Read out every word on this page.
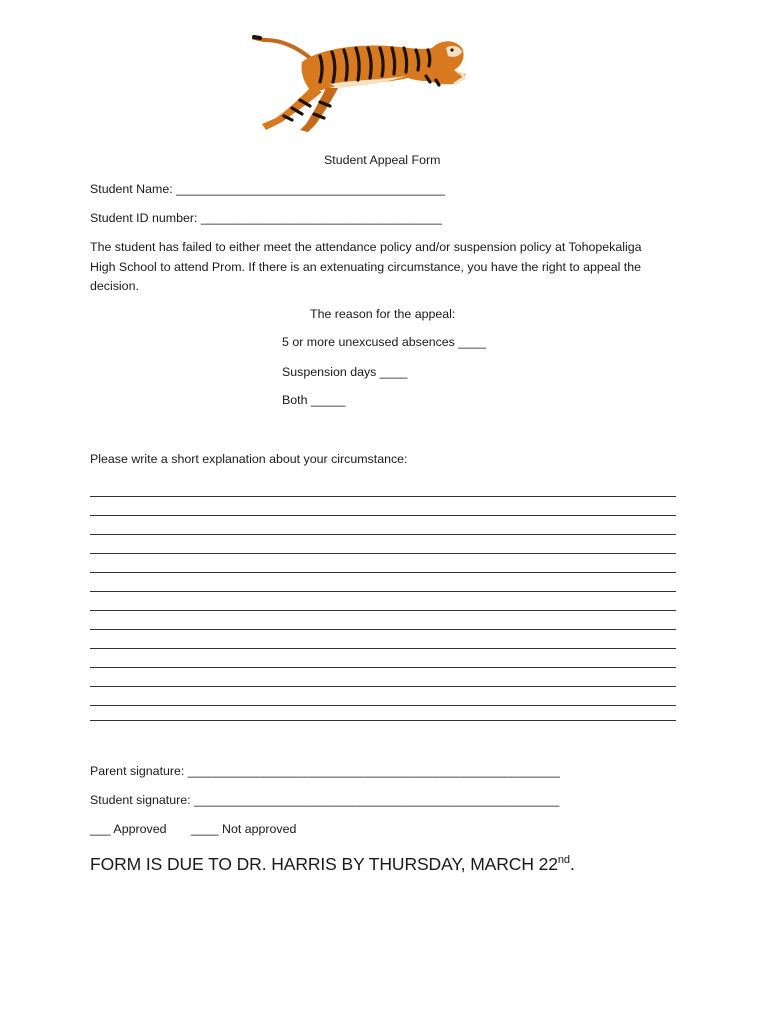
Student Appeal Form
Student Name: _______________________________________
Student ID number: ___________________________________
The student has failed to either meet the attendance policy and/or suspension policy at Tohopekaliga
High School to attend Prom. If there is an extenuating circumstance, you have the right to appeal the
decision.
The reason for the appeal:
5 or more unexcused absences ____
Suspension days ____
Both _____
Please write a short explanation about your circumstance:
Parent signature: ______________________________________________________
Student signature: _____________________________________________________
___ Approved ____ Not approved
FORM IS DUE TO DR. HARRIS BY THURSDAY, MARCH 22nd.
